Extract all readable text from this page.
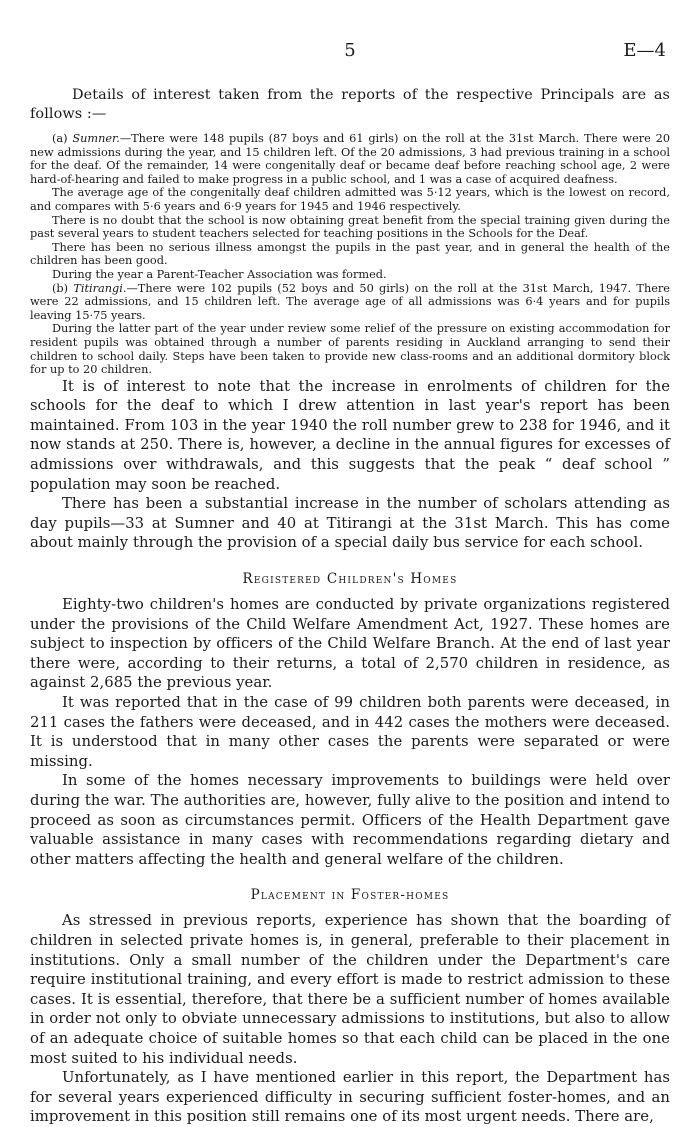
5	E—4

Details of interest taken from the reports of the respective Principals are as follows :—

(a) Sumner.—There were 148 pupils (87 boys and 61 girls) on the roll at the 31st March. There were 20 new admissions during the year, and 15 children left. Of the 20 admissions, 3 had previous training in a school for the deaf. Of the remainder, 14 were congenitally deaf or became deaf before reaching school age, 2 were hard-of-hearing and failed to make progress in a public school, and 1 was a case of acquired deafness.

The average age of the congenitally deaf children admitted was 5·12 years, which is the lowest on record, and compares with 5·6 years and 6·9 years for 1945 and 1946 respectively.

There is no doubt that the school is now obtaining great benefit from the special training given during the past several years to student teachers selected for teaching positions in the Schools for the Deaf.

There has been no serious illness amongst the pupils in the past year, and in general the health of the children has been good.

During the year a Parent-Teacher Association was formed.

(b) Titirangi.—There were 102 pupils (52 boys and 50 girls) on the roll at the 31st March, 1947. There were 22 admissions, and 15 children left. The average age of all admissions was 6·4 years and for pupils leaving 15·75 years.

During the latter part of the year under review some relief of the pressure on existing accommodation for resident pupils was obtained through a number of parents residing in Auckland arranging to send their children to school daily. Steps have been taken to provide new class-rooms and an additional dormitory block for up to 20 children.

It is of interest to note that the increase in enrolments of children for the schools for the deaf to which I drew attention in last year's report has been maintained. From 103 in the year 1940 the roll number grew to 238 for 1946, and it now stands at 250. There is, however, a decline in the annual figures for excesses of admissions over withdrawals, and this suggests that the peak “ deaf school ” population may soon be reached.

There has been a substantial increase in the number of scholars attending as day pupils—33 at Sumner and 40 at Titirangi at the 31st March. This has come about mainly through the provision of a special daily bus service for each school.

Registered Children's Homes

Eighty-two children's homes are conducted by private organizations registered under the provisions of the Child Welfare Amendment Act, 1927. These homes are subject to inspection by officers of the Child Welfare Branch. At the end of last year there were, according to their returns, a total of 2,570 children in residence, as against 2,685 the previous year.

It was reported that in the case of 99 children both parents were deceased, in 211 cases the fathers were deceased, and in 442 cases the mothers were deceased. It is understood that in many other cases the parents were separated or were missing.

In some of the homes necessary improvements to buildings were held over during the war. The authorities are, however, fully alive to the position and intend to proceed as soon as circumstances permit. Officers of the Health Department gave valuable assistance in many cases with recommendations regarding dietary and other matters affecting the health and general welfare of the children.

Placement in Foster-homes

As stressed in previous reports, experience has shown that the boarding of children in selected private homes is, in general, preferable to their placement in institutions. Only a small number of the children under the Department's care require institutional training, and every effort is made to restrict admission to these cases. It is essential, therefore, that there be a sufficient number of homes available in order not only to obviate unnecessary admissions to institutions, but also to allow of an adequate choice of suitable homes so that each child can be placed in the one most suited to his individual needs.

Unfortunately, as I have mentioned earlier in this report, the Department has for several years experienced difficulty in securing sufficient foster-homes, and an improvement in this position still remains one of its most urgent needs. There are,
